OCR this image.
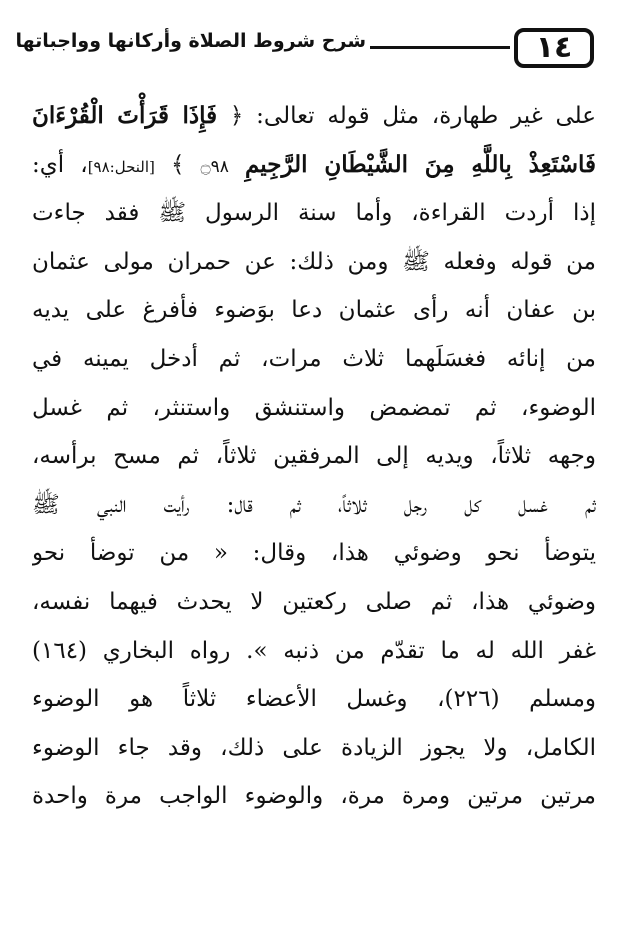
١٤
شرح شروط الصلاة وأركانها وواجباتها
على غير طهارة، مثل قوله تعالى: ﴿ فَإِذَا قَرَأْتَ الْقُرْءَانَ
فَاسْتَعِذْ بِاللَّهِ مِنَ الشَّيْطَانِ الرَّجِيمِ ۝٩٨ ﴾ [النحل:٩٨]، أي:
إذا أردت القراءة، وأما سنة الرسول ﷺ فقد جاءت
من قوله وفعله ﷺ ومن ذلك: عن حمران مولى عثمان
بن عفان أنه رأى عثمان دعا بوَضوء فأفرغ على يديه
من إنائه فغسَلَهما ثلاث مرات، ثم أدخل يمينه في
الوضوء، ثم تمضمض واستنشق واستنثر، ثم غسل
وجهه ثلاثاً، ويديه إلى المرفقين ثلاثاً، ثم مسح برأسه،
ثم غسل كل رجل ثلاثاً، ثم قال: رأيت النبي ﷺ
يتوضأ نحو وضوئي هذا، وقال: « من توضأ نحو
وضوئي هذا، ثم صلى ركعتين لا يحدث فيهما نفسه،
غفر الله له ما تقدّم من ذنبه ». رواه البخاري (١٦٤)
ومسلم (٢٢٦)، وغسل الأعضاء ثلاثاً هو الوضوء
الكامل، ولا يجوز الزيادة على ذلك، وقد جاء الوضوء
مرتين مرتين ومرة مرة، والوضوء الواجب مرة واحدة
